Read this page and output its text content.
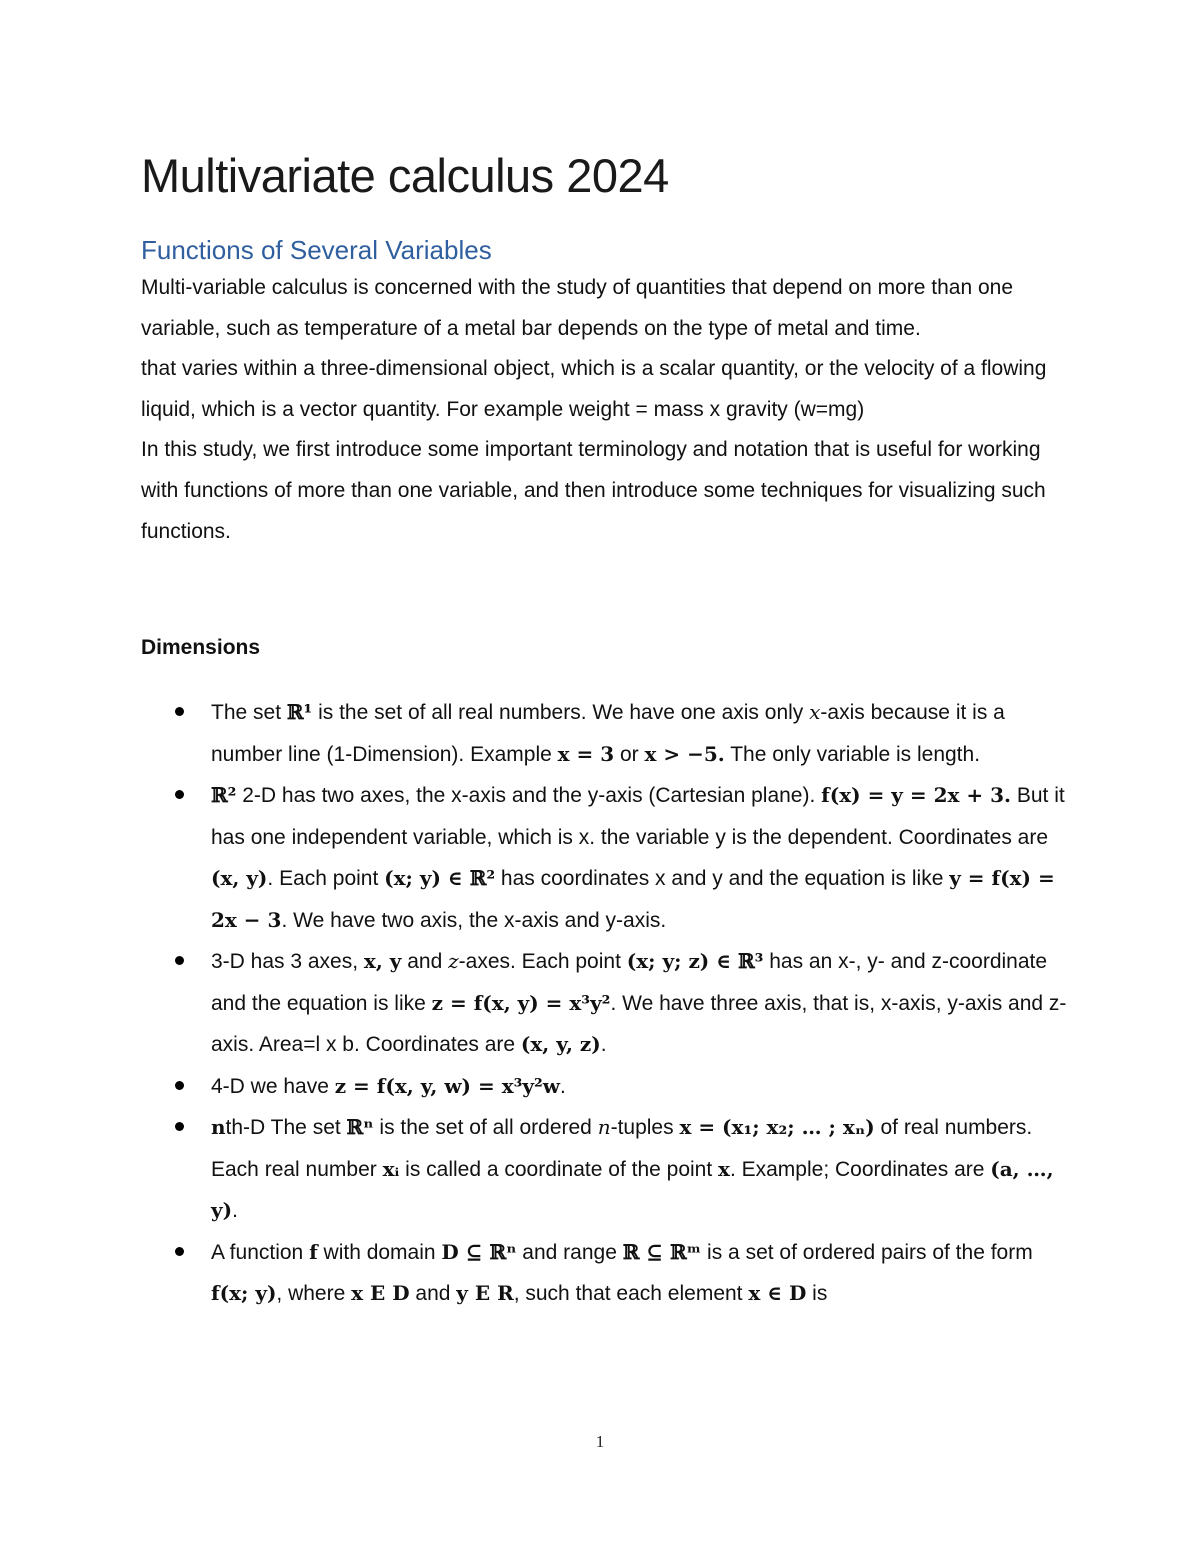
Multivariate calculus 2024
Functions of Several Variables

Multi-variable calculus is concerned with the study of quantities that depend on more than one variable, such as temperature of a metal bar depends on the type of metal and time.

that varies within a three-dimensional object, which is a scalar quantity, or the velocity of a flowing liquid, which is a vector quantity. For example weight = mass x gravity (w=mg)

In this study, we first introduce some important terminology and notation that is useful for working with functions of more than one variable, and then introduce some techniques for visualizing such functions.

Dimensions
The set ℝ¹ is the set of all real numbers. We have one axis only x-axis because it is a number line (1-Dimension). Example x = 3 or x > −5. The only variable is length.
ℝ² 2-D has two axes, the x-axis and the y-axis (Cartesian plane). f(x) = y = 2x + 3. But it has one independent variable, which is x. the variable y is the dependent. Coordinates are (x, y). Each point (x; y) ∈ ℝ² has coordinates x and y and the equation is like y = f(x) = 2x − 3. We have two axis, the x-axis and y-axis.
3-D has 3 axes, x, y and z-axes. Each point (x; y; z) ∈ ℝ³ has an x-, y- and z-coordinate and the equation is like z = f(x, y) = x³y². We have three axis, that is, x-axis, y-axis and z-axis. Area=l x b. Coordinates are (x, y, z).
4-D we have z = f(x, y, w) = x³y²w.
nth-D The set ℝⁿ is the set of all ordered n-tuples x = (x₁; x₂; … ; xₙ) of real numbers. Each real number xᵢ is called a coordinate of the point x. Example; Coordinates are (a, …, y).
A function f with domain D ⊆ ℝⁿ and range ℝ ⊆ ℝᵐ is a set of ordered pairs of the form f(x; y), where x E D and y E R, such that each element x ∈ D is
1
